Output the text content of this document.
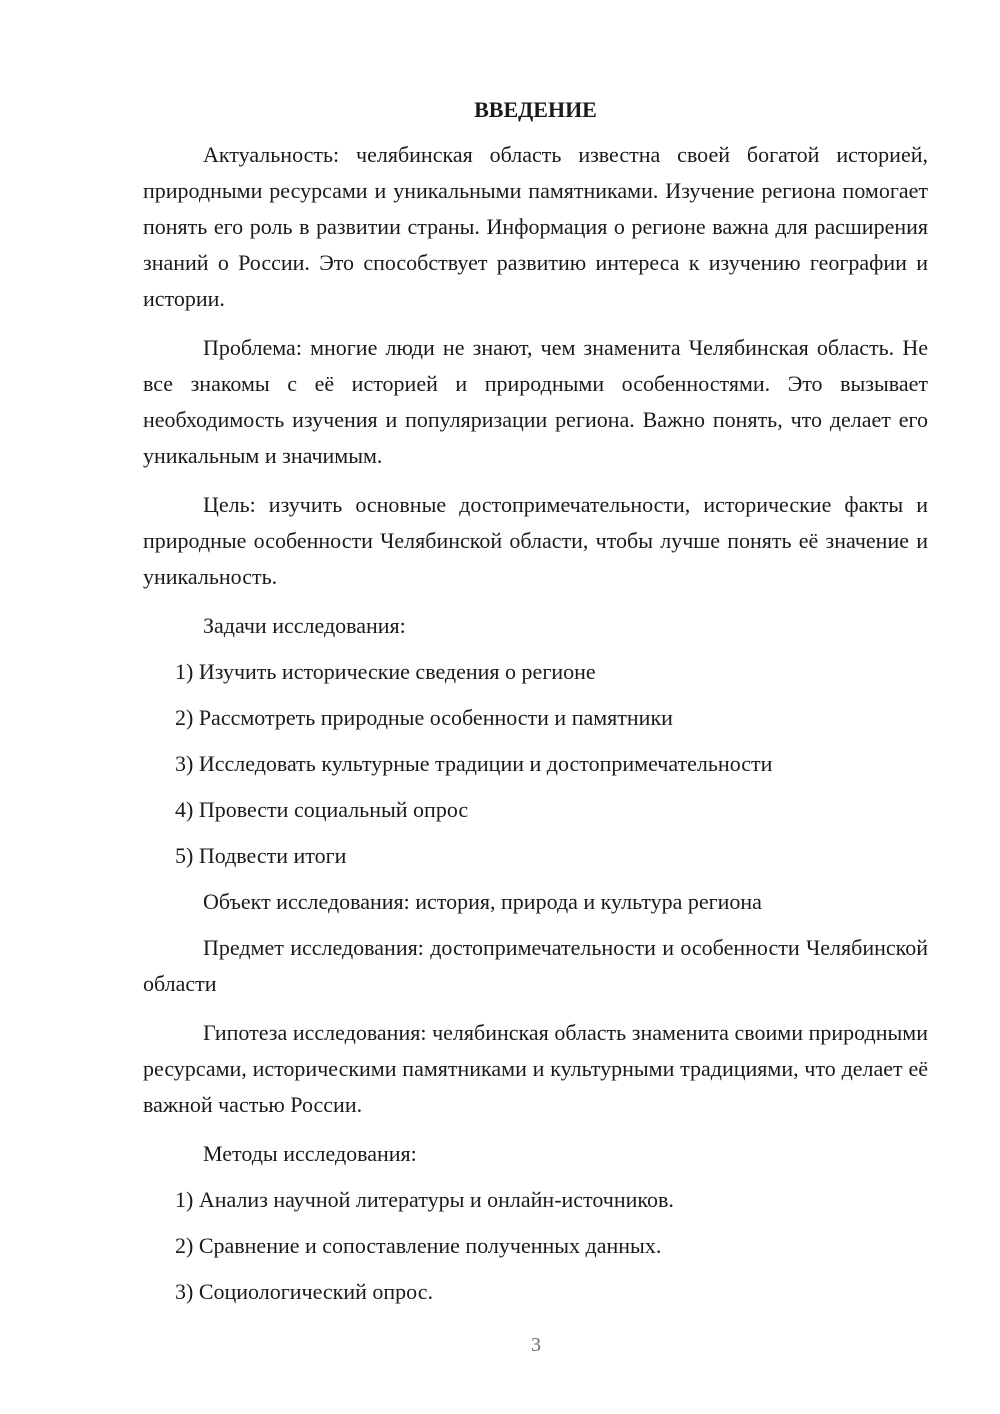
ВВЕДЕНИЕ

Актуальность: челябинская область известна своей богатой историей, природными ресурсами и уникальными памятниками. Изучение региона помогает понять его роль в развитии страны. Информация о регионе важна для расширения знаний о России. Это способствует развитию интереса к изучению географии и истории.

Проблема: многие люди не знают, чем знаменита Челябинская область. Не все знакомы с её историей и природными особенностями. Это вызывает необходимость изучения и популяризации региона. Важно понять, что делает его уникальным и значимым.

Цель: изучить основные достопримечательности, исторические факты и природные особенности Челябинской области, чтобы лучше понять её значение и уникальность.

Задачи исследования:
1) Изучить исторические сведения о регионе
2) Рассмотреть природные особенности и памятники
3) Исследовать культурные традиции и достопримечательности
4) Провести социальный опрос
5) Подвести итоги
Объект исследования: история, природа и культура региона

Предмет исследования: достопримечательности и особенности Челябинской области

Гипотеза исследования: челябинская область знаменита своими природными ресурсами, историческими памятниками и культурными традициями, что делает её важной частью России.

Методы исследования:
1) Анализ научной литературы и онлайн-источников.
2) Сравнение и сопоставление полученных данных.
3) Социологический опрос.
3
